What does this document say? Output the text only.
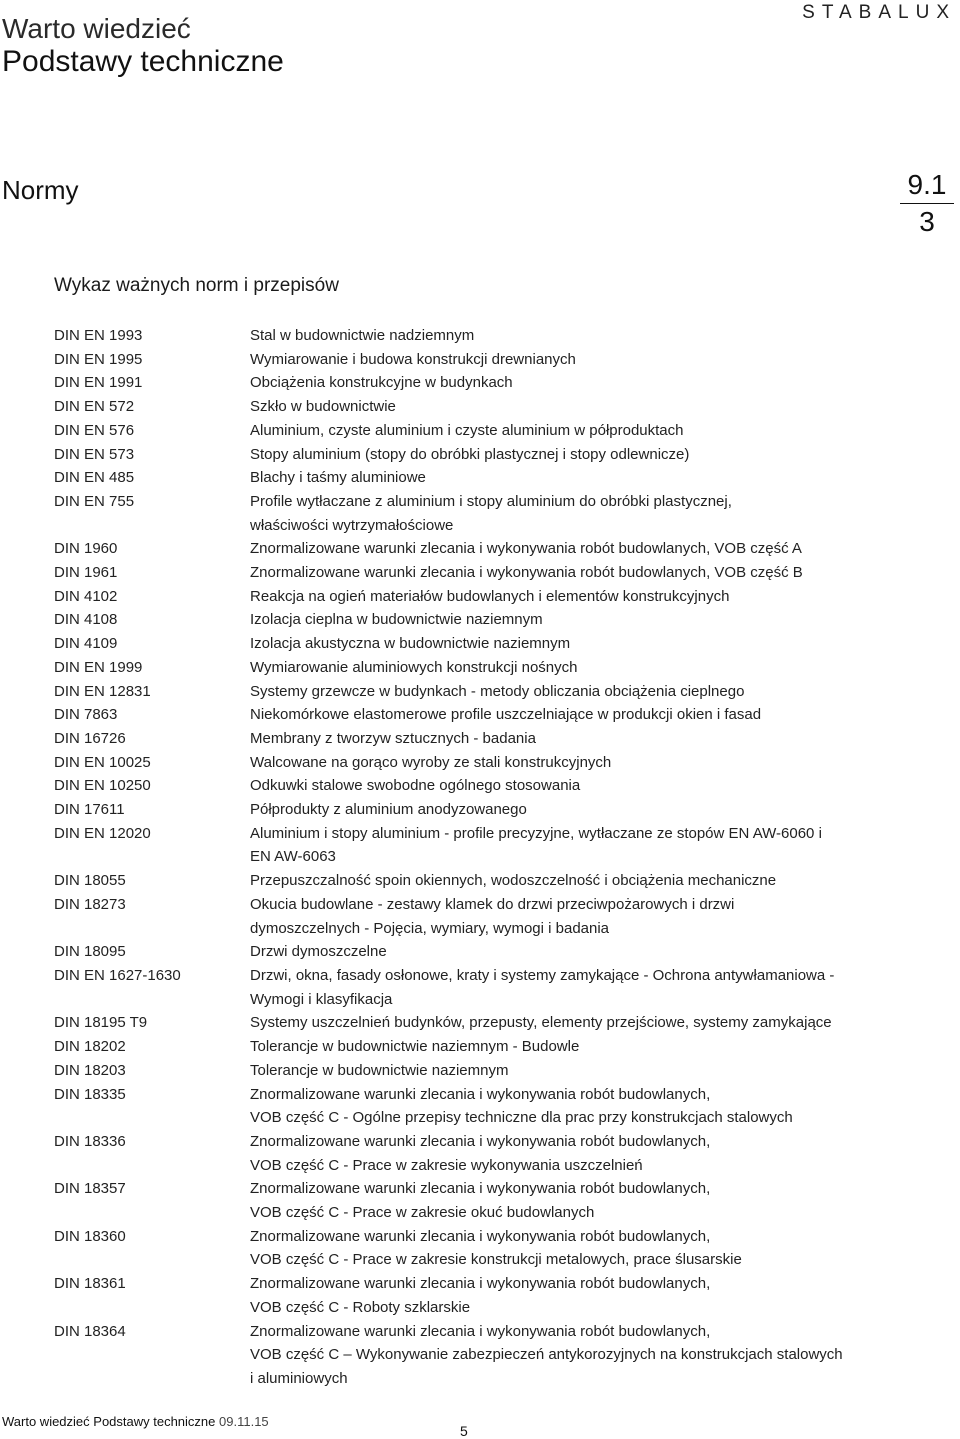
Warto wiedzieć
Podstawy techniczne
STABALUX
Normy	9.1
3
Wykaz ważnych norm i przepisów
DIN EN 1993	Stal w budownictwie nadziemnym
DIN EN 1995	Wymiarowanie i budowa konstrukcji drewnianych
DIN EN 1991	Obciążenia konstrukcyjne w budynkach
DIN EN 572	Szkło w budownictwie
DIN EN 576	Aluminium, czyste aluminium i czyste aluminium w półproduktach
DIN EN 573	Stopy aluminium (stopy do obróbki plastycznej i stopy odlewnicze)
DIN EN 485	Blachy i taśmy aluminiowe
DIN EN 755	Profile wytłaczane z aluminium i stopy aluminium do obróbki plastycznej,
właściwości wytrzymałościowe
DIN 1960	Znormalizowane warunki zlecania i wykonywania robót budowlanych, VOB część A
DIN 1961	Znormalizowane warunki zlecania i wykonywania robót budowlanych, VOB część B
DIN 4102	Reakcja na ogień materiałów budowlanych i elementów konstrukcyjnych
DIN 4108	Izolacja cieplna w budownictwie naziemnym
DIN 4109	Izolacja akustyczna w budownictwie naziemnym
DIN EN 1999	Wymiarowanie aluminiowych konstrukcji nośnych
DIN EN 12831	Systemy grzewcze w budynkach - metody obliczania obciążenia cieplnego
DIN 7863	Niekomórkowe elastomerowe profile uszczelniające w produkcji okien i fasad
DIN 16726	Membrany z tworzyw sztucznych - badania
DIN EN 10025	Walcowane na gorąco wyroby ze stali konstrukcyjnych
DIN EN 10250	Odkuwki stalowe swobodne ogólnego stosowania
DIN 17611	Półprodukty z aluminium anodyzowanego
DIN EN 12020	Aluminium i stopy aluminium - profile precyzyjne, wytłaczane ze stopów EN AW-6060 i
EN AW-6063
DIN 18055	Przepuszczalność spoin okiennych, wodoszczelność i obciążenia mechaniczne
DIN 18273	Okucia budowlane - zestawy klamek do drzwi przeciwpożarowych i drzwi
dymoszczelnych - Pojęcia, wymiary, wymogi i badania
DIN 18095	Drzwi dymoszczelne
DIN EN 1627-1630	Drzwi, okna, fasady osłonowe, kraty i systemy zamykające - Ochrona antywłamaniowa -
Wymogi i klasyfikacja
DIN 18195 T9	Systemy uszczelnień budynków, przepusty, elementy przejściowe, systemy zamykające
DIN 18202	Tolerancje w budownictwie naziemnym - Budowle
DIN 18203	Tolerancje w budownictwie naziemnym
DIN 18335	Znormalizowane warunki zlecania i wykonywania robót budowlanych,
VOB część C - Ogólne przepisy techniczne dla prac przy konstrukcjach stalowych
DIN 18336	Znormalizowane warunki zlecania i wykonywania robót budowlanych,
VOB część C - Prace w zakresie wykonywania uszczelnień
DIN 18357	Znormalizowane warunki zlecania i wykonywania robót budowlanych,
VOB część C - Prace w zakresie okuć budowlanych
DIN 18360	Znormalizowane warunki zlecania i wykonywania robót budowlanych,
VOB część C - Prace w zakresie konstrukcji metalowych, prace ślusarskie
DIN 18361	Znormalizowane warunki zlecania i wykonywania robót budowlanych,
VOB część C - Roboty szklarskie
DIN 18364	Znormalizowane warunki zlecania i wykonywania robót budowlanych,
VOB część C – Wykonywanie zabezpieczeń antykorozyjnych na konstrukcjach stalowych
i aluminiowych
Warto wiedzieć Podstawy techniczne 09.11.15
5
